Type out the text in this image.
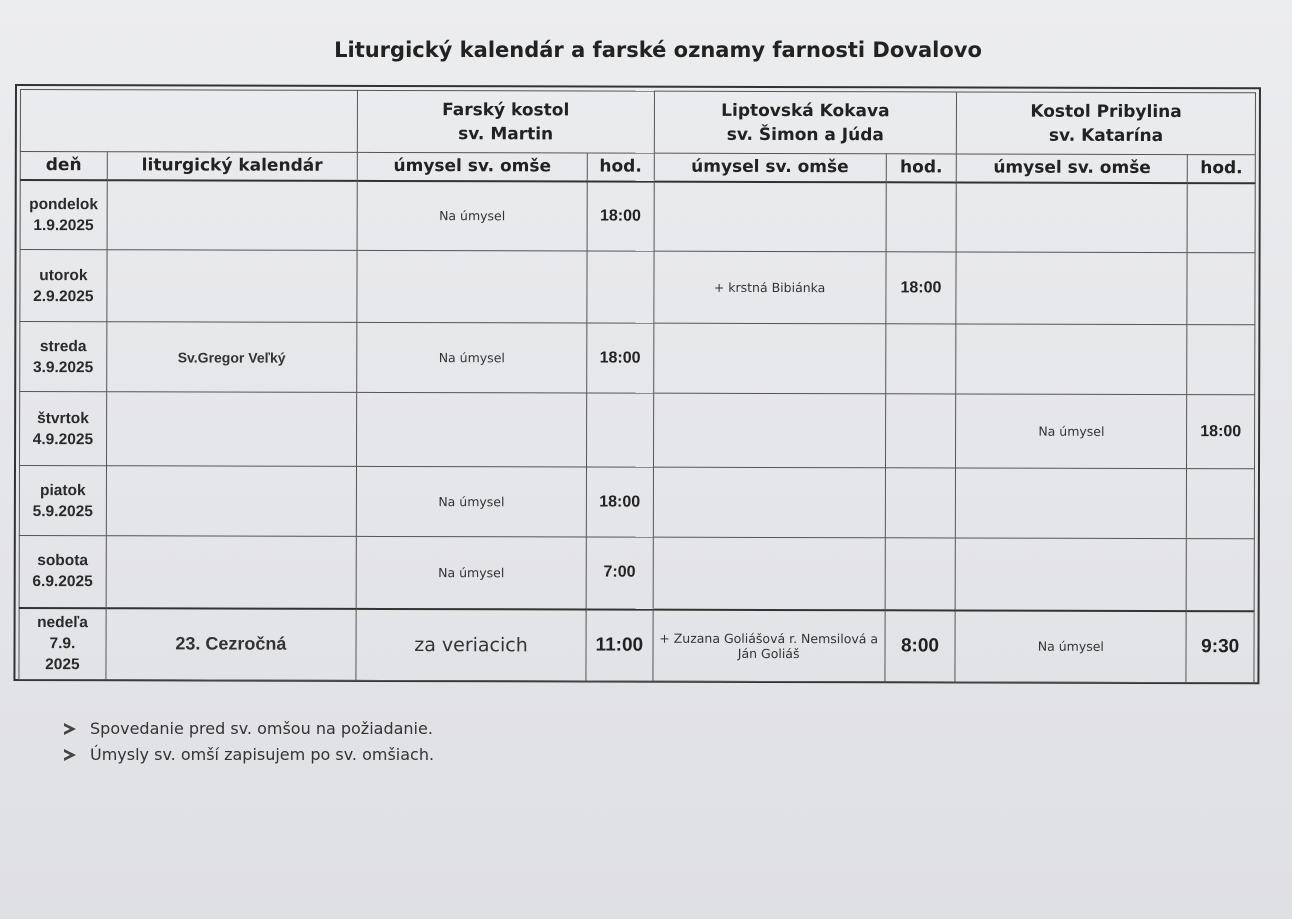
Liturgický kalendár a farské oznamy farnosti Dovalovo

		Farský kostol
sv. Martin		Liptovská Kokava
sv. Šimon a Júda		Kostol Pribylina
sv. Katarína	

deň	liturgický kalendár	úmysel sv. omše	hod.	úmysel sv. omše	hod.	úmysel sv. omše	hod.

pondelok
1.9.2025		Na úmysel	18:00				

utorok
2.9.2025				+ krstná Bibiánka	18:00		

streda
3.9.2025	Sv.Gregor Veľký	Na úmysel	18:00				

štvrtok
4.9.2025						Na úmysel	18:00

piatok
5.9.2025		Na úmysel	18:00				

sobota
6.9.2025		Na úmysel	7:00				

nedeľa
7.9.
2025	23. Cezročná	za veriacich	11:00	+ Zuzana Goliášová r. Nemsilová a Ján Goliáš	8:00	Na úmysel	9:30
Spovedanie pred sv. omšou na požiadanie.
Úmysly sv. omší zapisujem po sv. omšiach.
